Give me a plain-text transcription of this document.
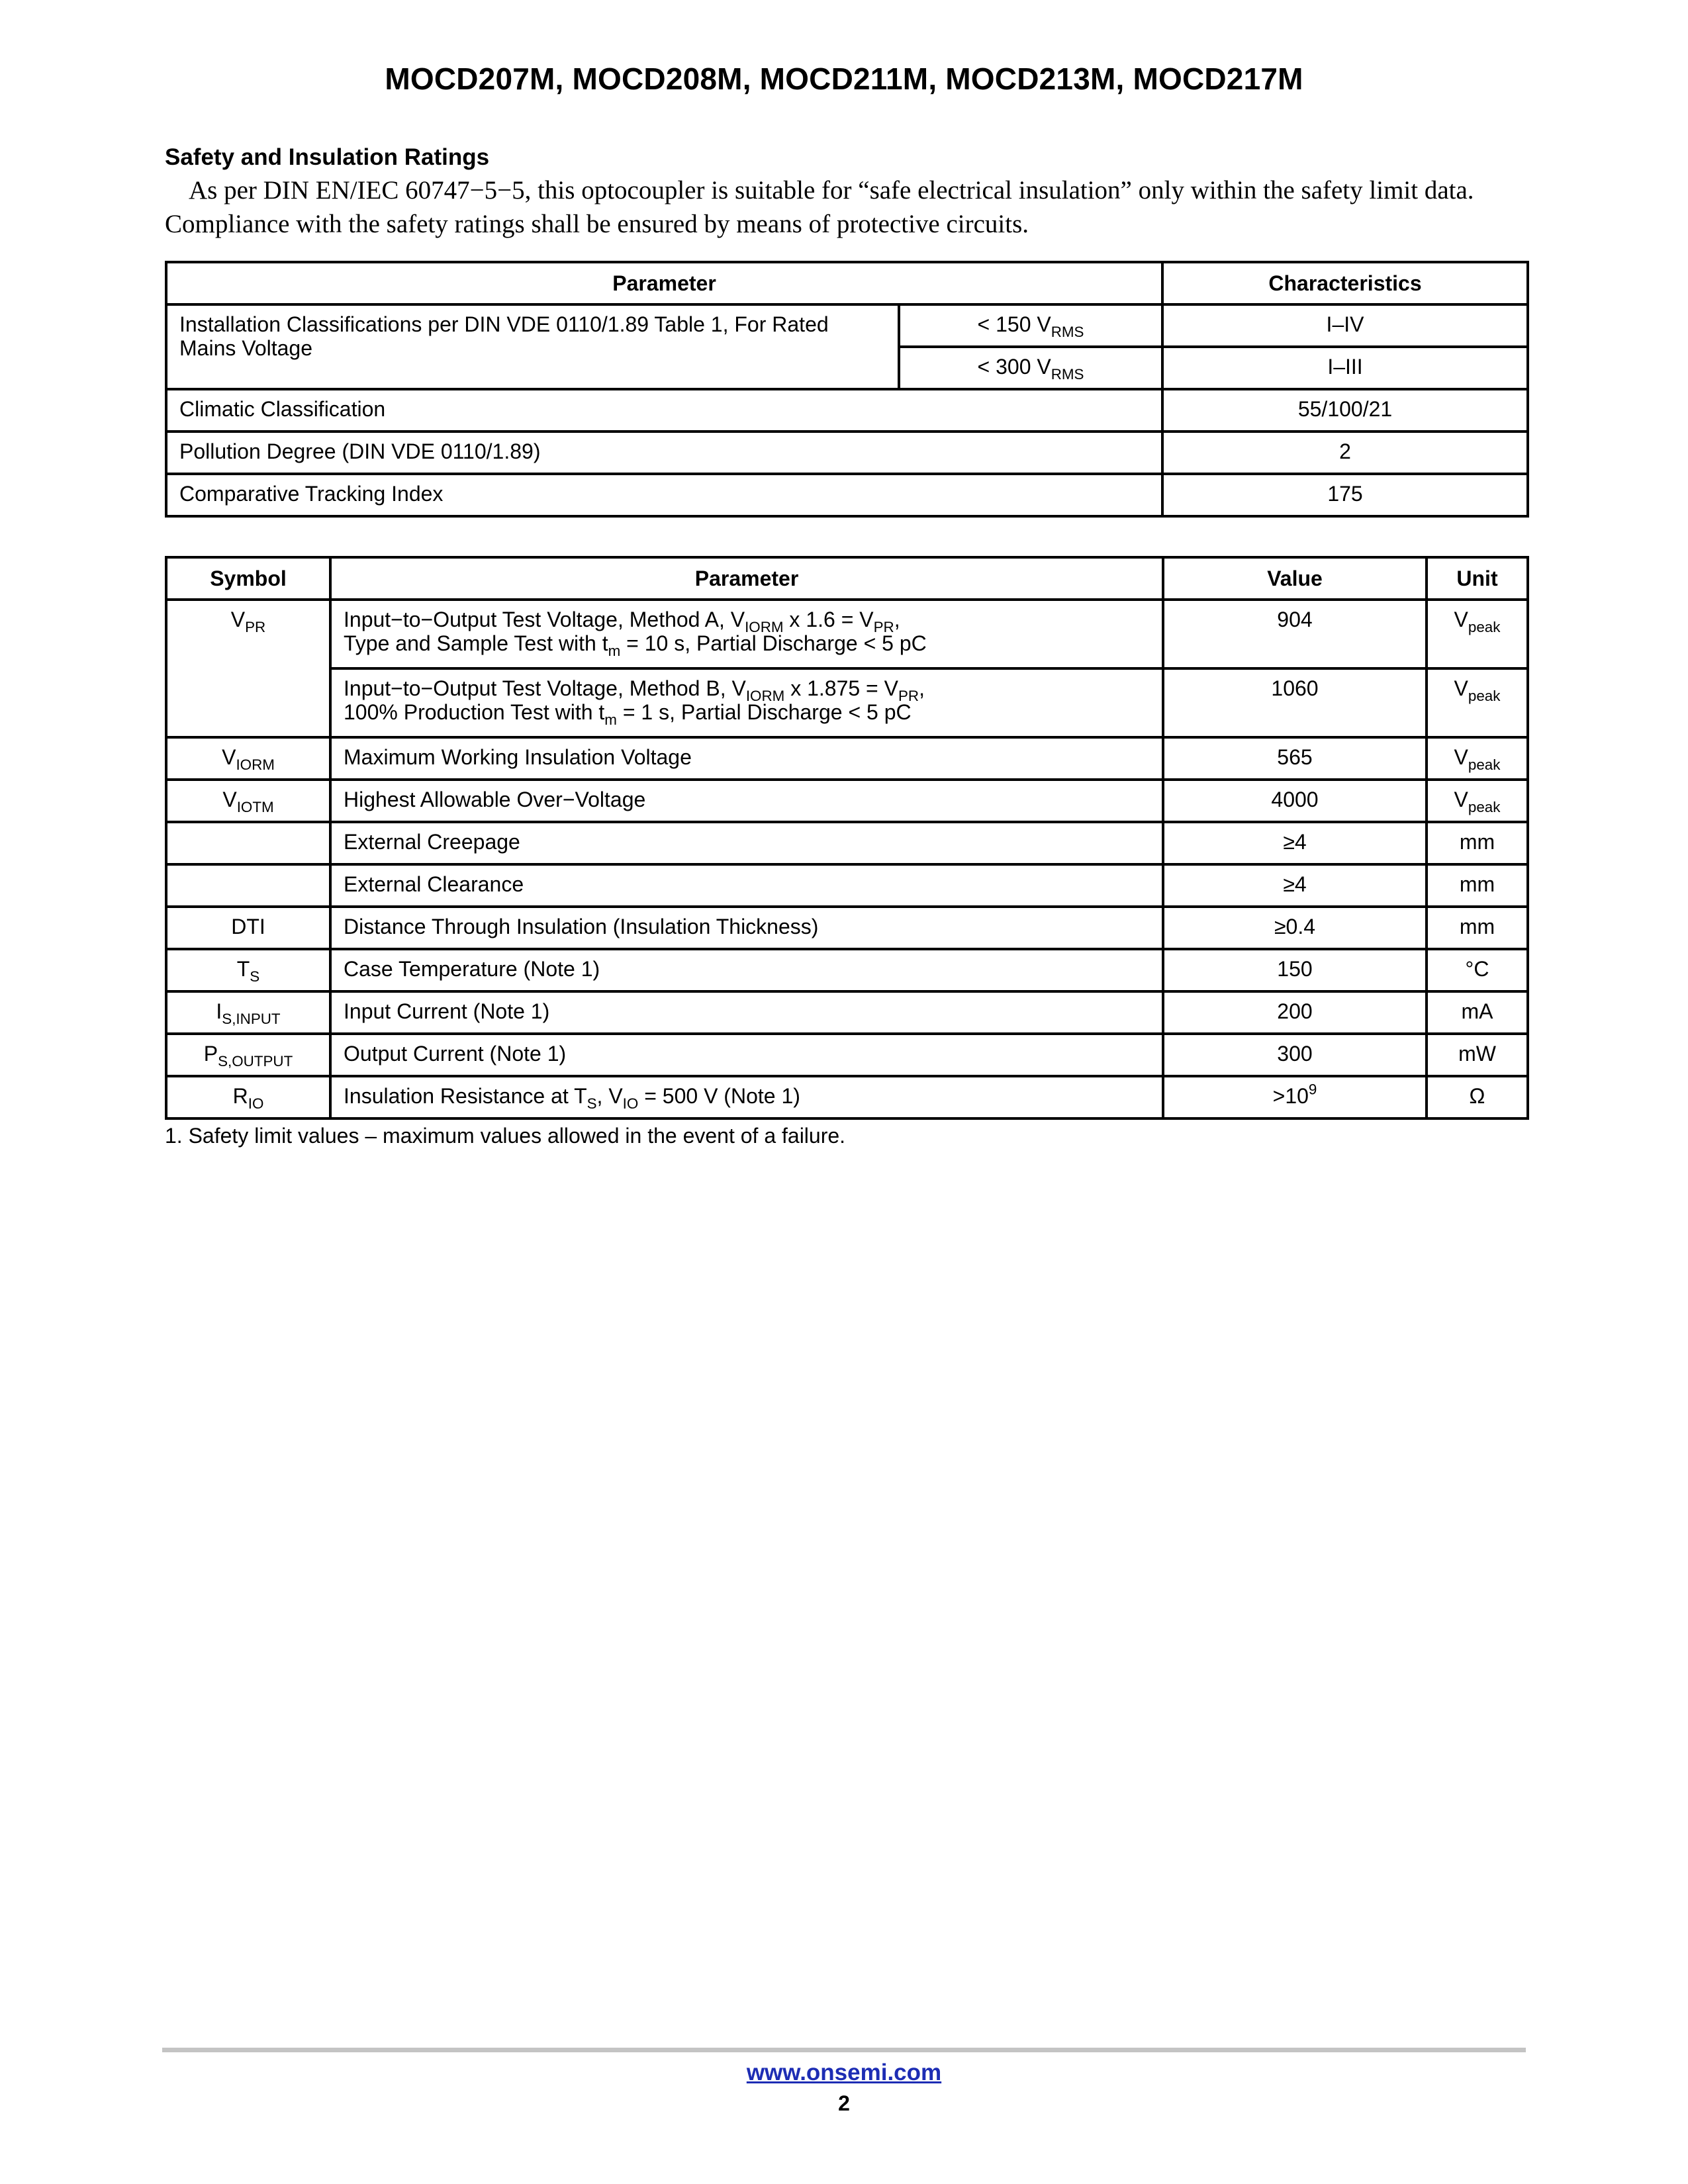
MOCD207M, MOCD208M, MOCD211M, MOCD213M, MOCD217M
Safety and Insulation Ratings
As per DIN EN/IEC 60747−5−5, this optocoupler is suitable for “safe electrical insulation” only within the safety limit data.
Compliance with the safety ratings shall be ensured by means of protective circuits.
Parameter		Characteristics
Installation Classifications per DIN VDE 0110/1.89 Table 1, For Rated Mains Voltage	< 150 $V_{RMS}$	I–IV
	< 300 $V_{RMS}$	I–III
Climatic Classification		55/100/21
Pollution Degree (DIN VDE 0110/1.89)		2
Comparative Tracking Index		175
Symbol	Parameter	Value	Unit
$V_{PR}$	Input−to−Output Test Voltage, Method A, $V_{IORM}$ x $1.6 = V_{PR}$,
Type and Sample Test with $t_m = 10$ s, Partial Discharge < 5 pC	904	$V_{peak}$
	Input−to−Output Test Voltage, Method B, $V_{IORM}$ x $1.875 = V_{PR}$,
100% Production Test with $t_m = 1$ s, Partial Discharge < 5 pC	1060	$V_{peak}$
$V_{IORM}$	Maximum Working Insulation Voltage	565	$V_{peak}$
$V_{IOTM}$	Highest Allowable Over−Voltage	4000	$V_{peak}$
	External Creepage	≥4	mm
	External Clearance	≥4	mm
DTI	Distance Through Insulation (Insulation Thickness)	≥0.4	mm
$T_S$	Case Temperature (Note 1)	150	°C
$I_{S,INPUT}$	Input Current (Note 1)	200	mA
$P_{S,OUTPUT}$	Output Current (Note 1)	300	mW
$R_{IO}$	Insulation Resistance at $T_S$, $V_{IO} = 500$ V (Note 1)	$>10^9$	Ω
1. Safety limit values – maximum values allowed in the event of a failure.
www.onsemi.com
2
